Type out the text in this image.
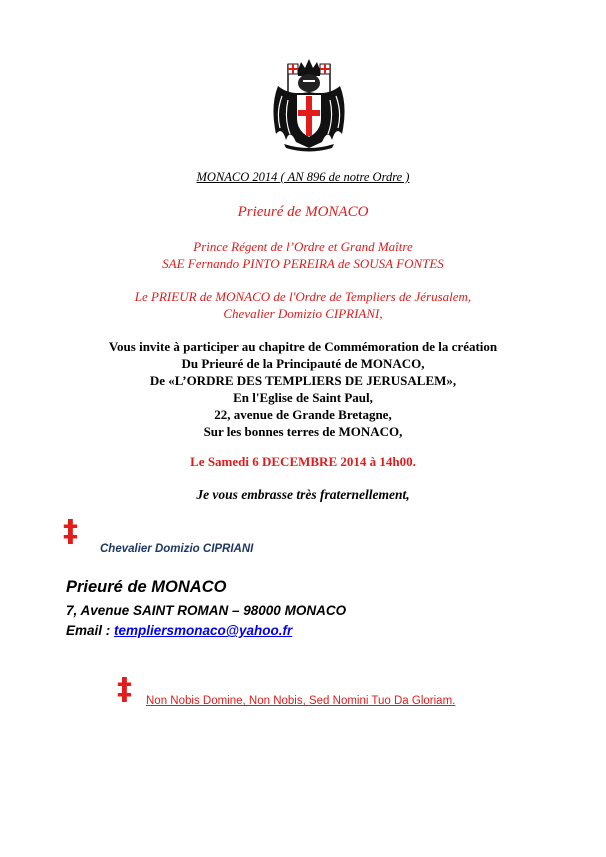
MONACO 2014 ( AN 896 de notre Ordre )
Prieuré de MONACO
Prince Régent de l’Ordre et Grand Maître
SAE Fernando PINTO PEREIRA de SOUSA FONTES
Le PRIEUR de MONACO de l'Ordre de Templiers de Jérusalem,
Chevalier Domizio CIPRIANI,
Vous invite à participer au chapitre de Commémoration de la création
Du Prieuré de la Principauté de MONACO,
De «L’ORDRE DES TEMPLIERS DE JERUSALEM»,
En l'Eglise de Saint Paul,
22, avenue de Grande Bretagne,
Sur les bonnes terres de MONACO,
Le Samedi 6 DECEMBRE 2014 à 14h00.
Je vous embrasse très fraternellement,
‡ Chevalier Domizio CIPRIANI
Prieuré de MONACO
7, Avenue SAINT ROMAN – 98000 MONACO
Email : templiersmonaco@yahoo.fr
‡ Non Nobis Domine, Non Nobis, Sed Nomini Tuo Da Gloriam.
